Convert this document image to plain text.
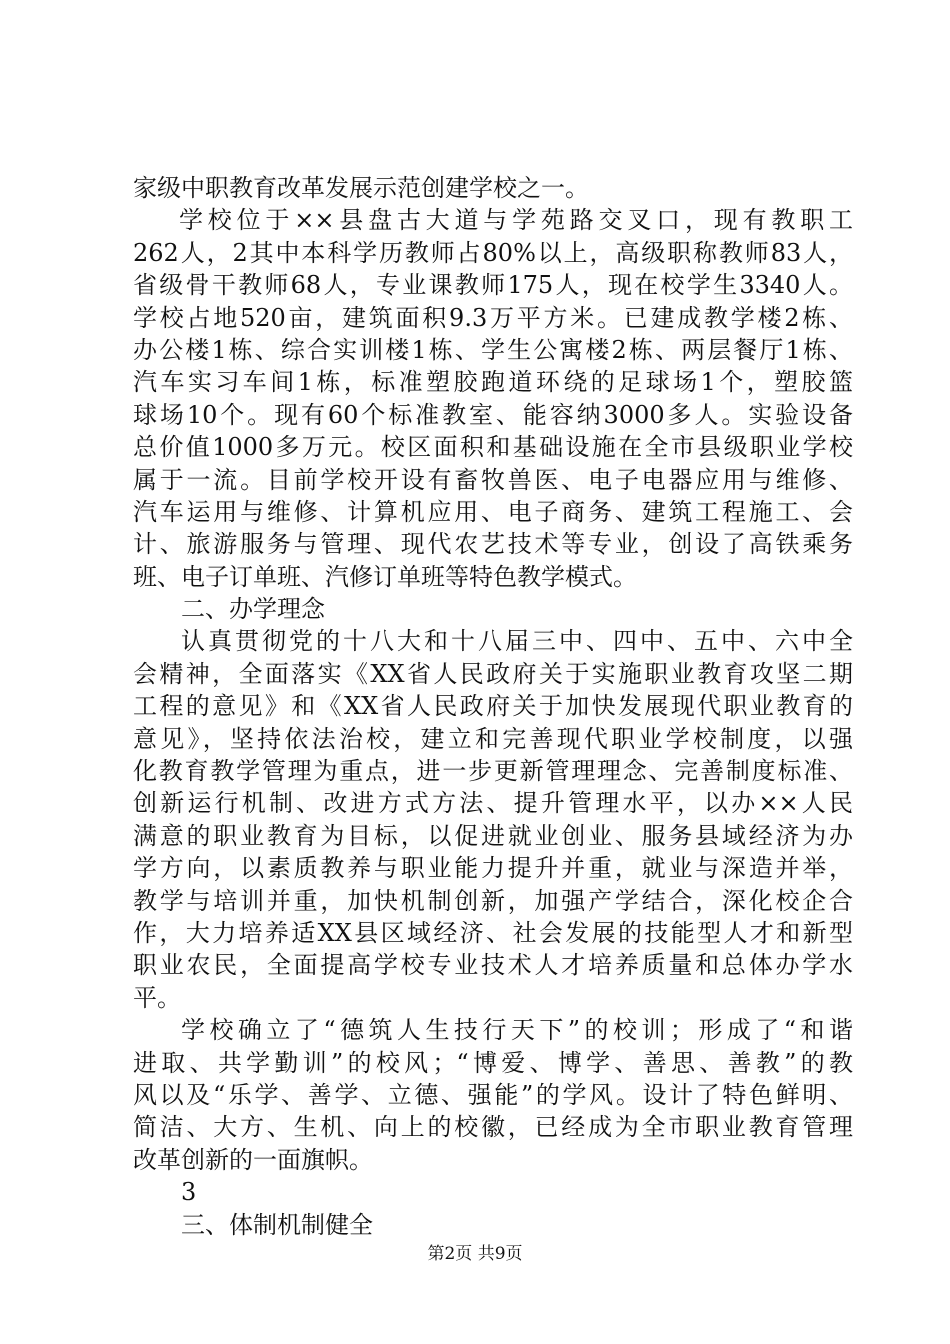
家级中职教育改革发展示范创建学校之一。
学校位于××县盘古大道与学苑路交叉口，现有教职工
262人，2其中本科学历教师占80%以上，高级职称教师83人，
省级骨干教师68人，专业课教师175人，现在校学生3340人。
学校占地520亩，建筑面积9.3万平方米。已建成教学楼2栋、
办公楼1栋、综合实训楼1栋、学生公寓楼2栋、两层餐厅1栋、
汽车实习车间1栋，标准塑胶跑道环绕的足球场1个，塑胶篮
球场10个。现有60个标准教室、能容纳3000多人。实验设备
总价值1000多万元。校区面积和基础设施在全市县级职业学校
属于一流。目前学校开设有畜牧兽医、电子电器应用与维修、
汽车运用与维修、计算机应用、电子商务、建筑工程施工、会
计、旅游服务与管理、现代农艺技术等专业，创设了高铁乘务
班、电子订单班、汽修订单班等特色教学模式。
二、办学理念
认真贯彻党的十八大和十八届三中、四中、五中、六中全
会精神，全面落实《XX省人民政府关于实施职业教育攻坚二期
工程的意见》和《XX省人民政府关于加快发展现代职业教育的
意见》，坚持依法治校，建立和完善现代职业学校制度，以强
化教育教学管理为重点，进一步更新管理理念、完善制度标准、
创新运行机制、改进方式方法、提升管理水平，以办××人民
满意的职业教育为目标，以促进就业创业、服务县域经济为办
学方向，以素质教养与职业能力提升并重，就业与深造并举，
教学与培训并重，加快机制创新，加强产学结合，深化校企合
作，大力培养适XX县区域经济、社会发展的技能型人才和新型
职业农民，全面提高学校专业技术人才培养质量和总体办学水
平。
学校确立了“德筑人生技行天下”的校训；形成了“和谐
进取、共学勤训”的校风；“博爱、博学、善思、善教”的教
风以及“乐学、善学、立德、强能”的学风。设计了特色鲜明、
简洁、大方、生机、向上的校徽，已经成为全市职业教育管理
改革创新的一面旗帜。
3
三、体制机制健全
第2页 共9页
